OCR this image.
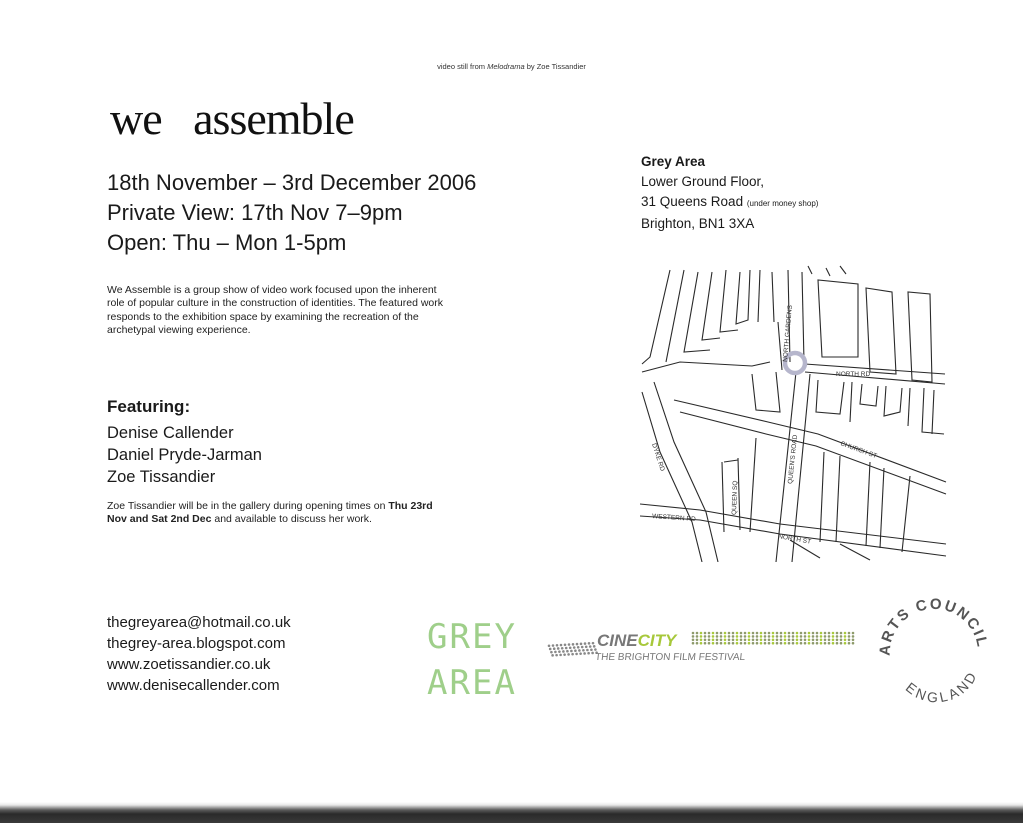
video still from Melodrama by Zoe Tissandier
we   assemble
18th November – 3rd December 2006
Private View: 17th Nov 7–9pm
Open: Thu – Mon 1-5pm
We Assemble is a group show of video work focused upon the inherent role of popular culture in the construction of identities. The featured work responds to the exhibition space by examining the recreation of the archetypal viewing experience.
Featuring:
Denise Callender
Daniel Pryde-Jarman
Zoe Tissandier
Zoe Tissandier will be in the gallery during opening times on Thu 23rd Nov and Sat 2nd Dec and available to discuss her work.
Grey Area
Lower Ground Floor,
31 Queens Road (under money shop)
Brighton, BN1 3XA
NORTH GARDENS
NORTH RD
DYKE RD	QUEEN'S ROAD	CHURCH ST
QUEEN SQ
WESTERN RD
NORTH ST
thegreyarea@hotmail.co.uk
thegrey-area.blogspot.com
www.zoetissandier.co.uk
www.denisecallender.com
GREY
AREA
CINECITY
THE BRIGHTON FILM FESTIVAL
ARTS COUNCIL
ENGLAND
